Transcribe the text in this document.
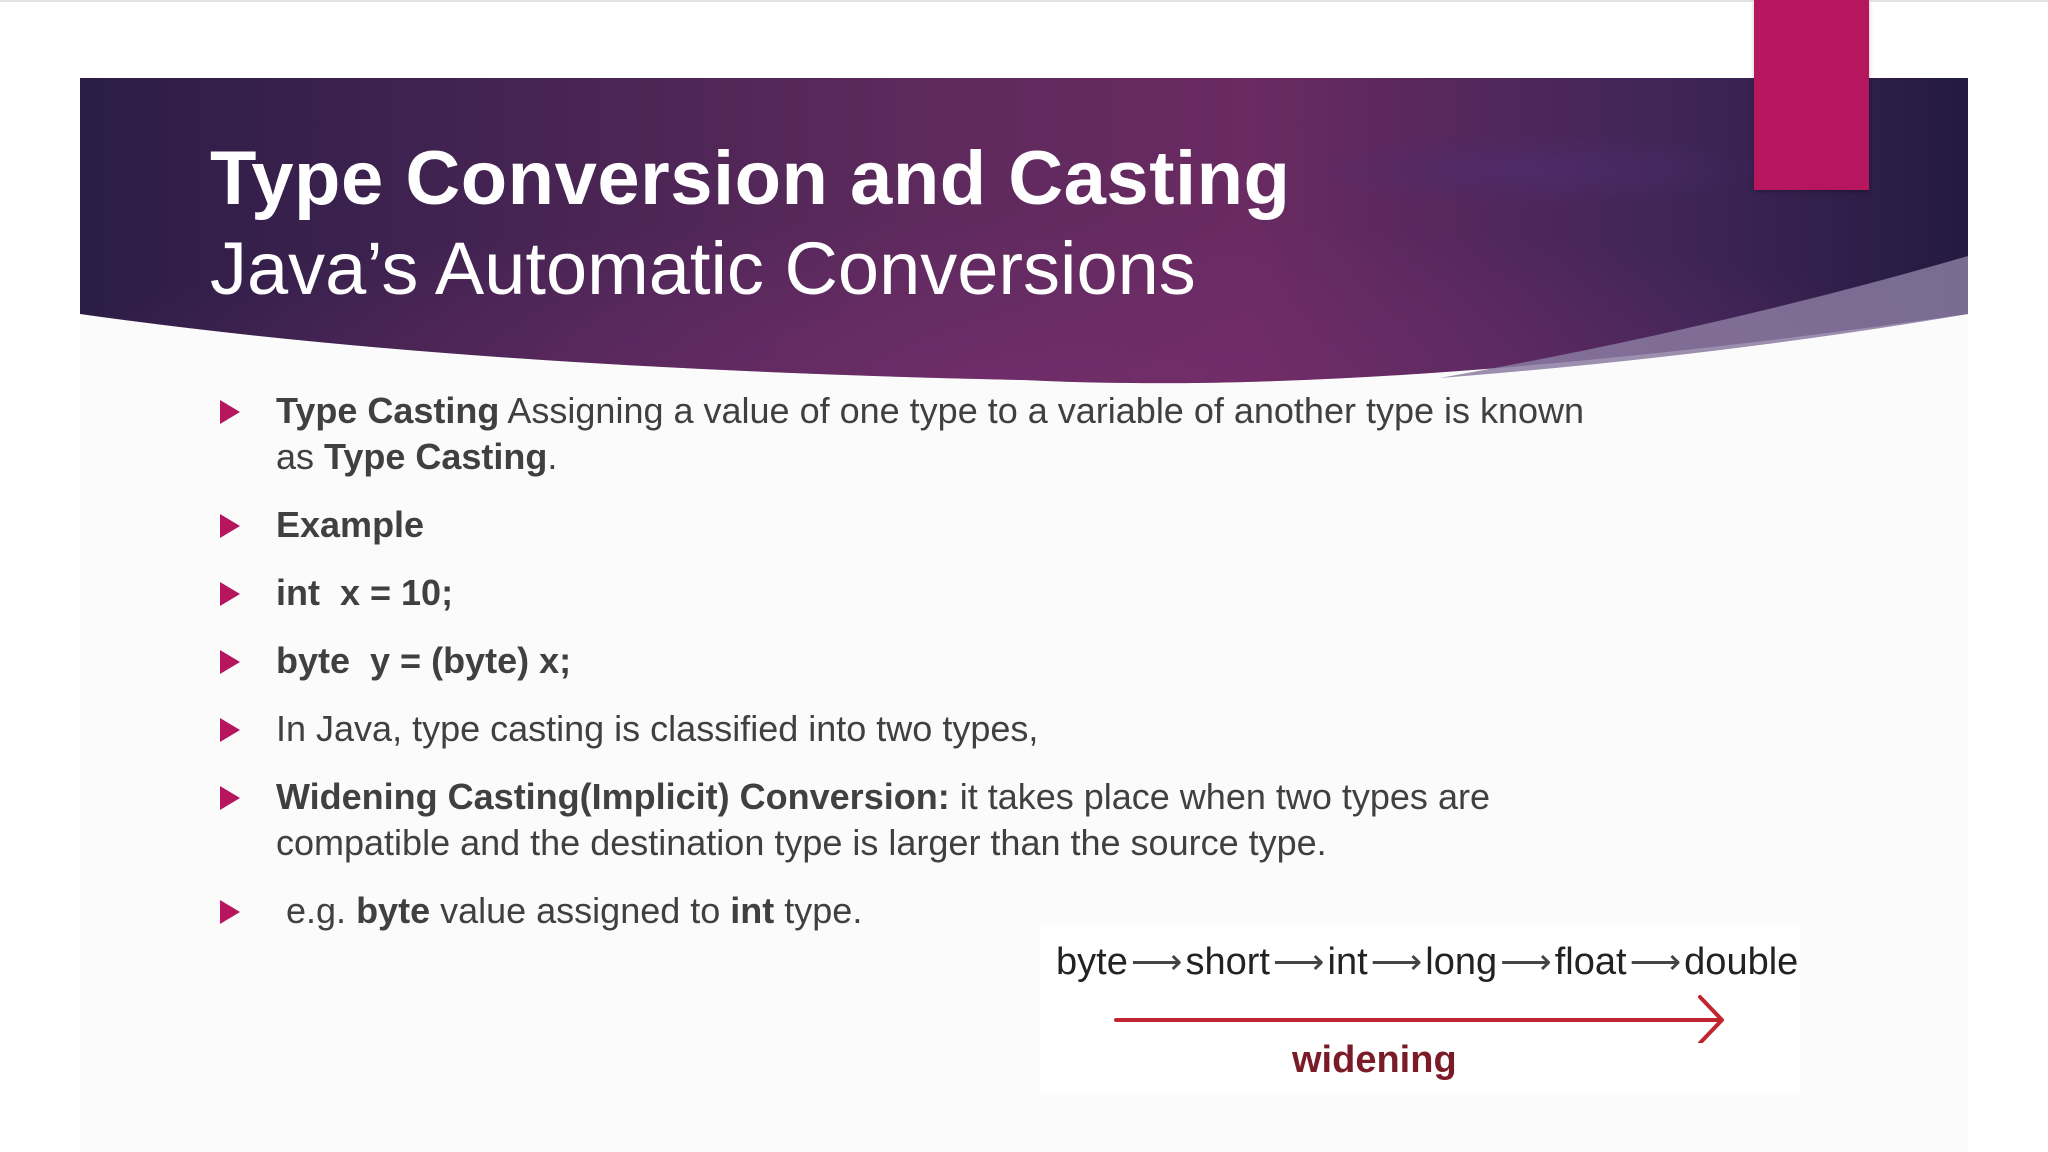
Type Conversion and Casting
Java’s Automatic Conversions
Type Casting Assigning a value of one type to a variable of another type is known as Type Casting.
Example
int  x = 10;
byte  y = (byte) x;
In Java, type casting is classified into two types,
Widening Casting(Implicit) Conversion: it takes place when two types are compatible and the destination type is larger than the source type.
e.g. byte value assigned to int type.
byte ⟶ short ⟶ int ⟶ long ⟶ float ⟶ double
widening
